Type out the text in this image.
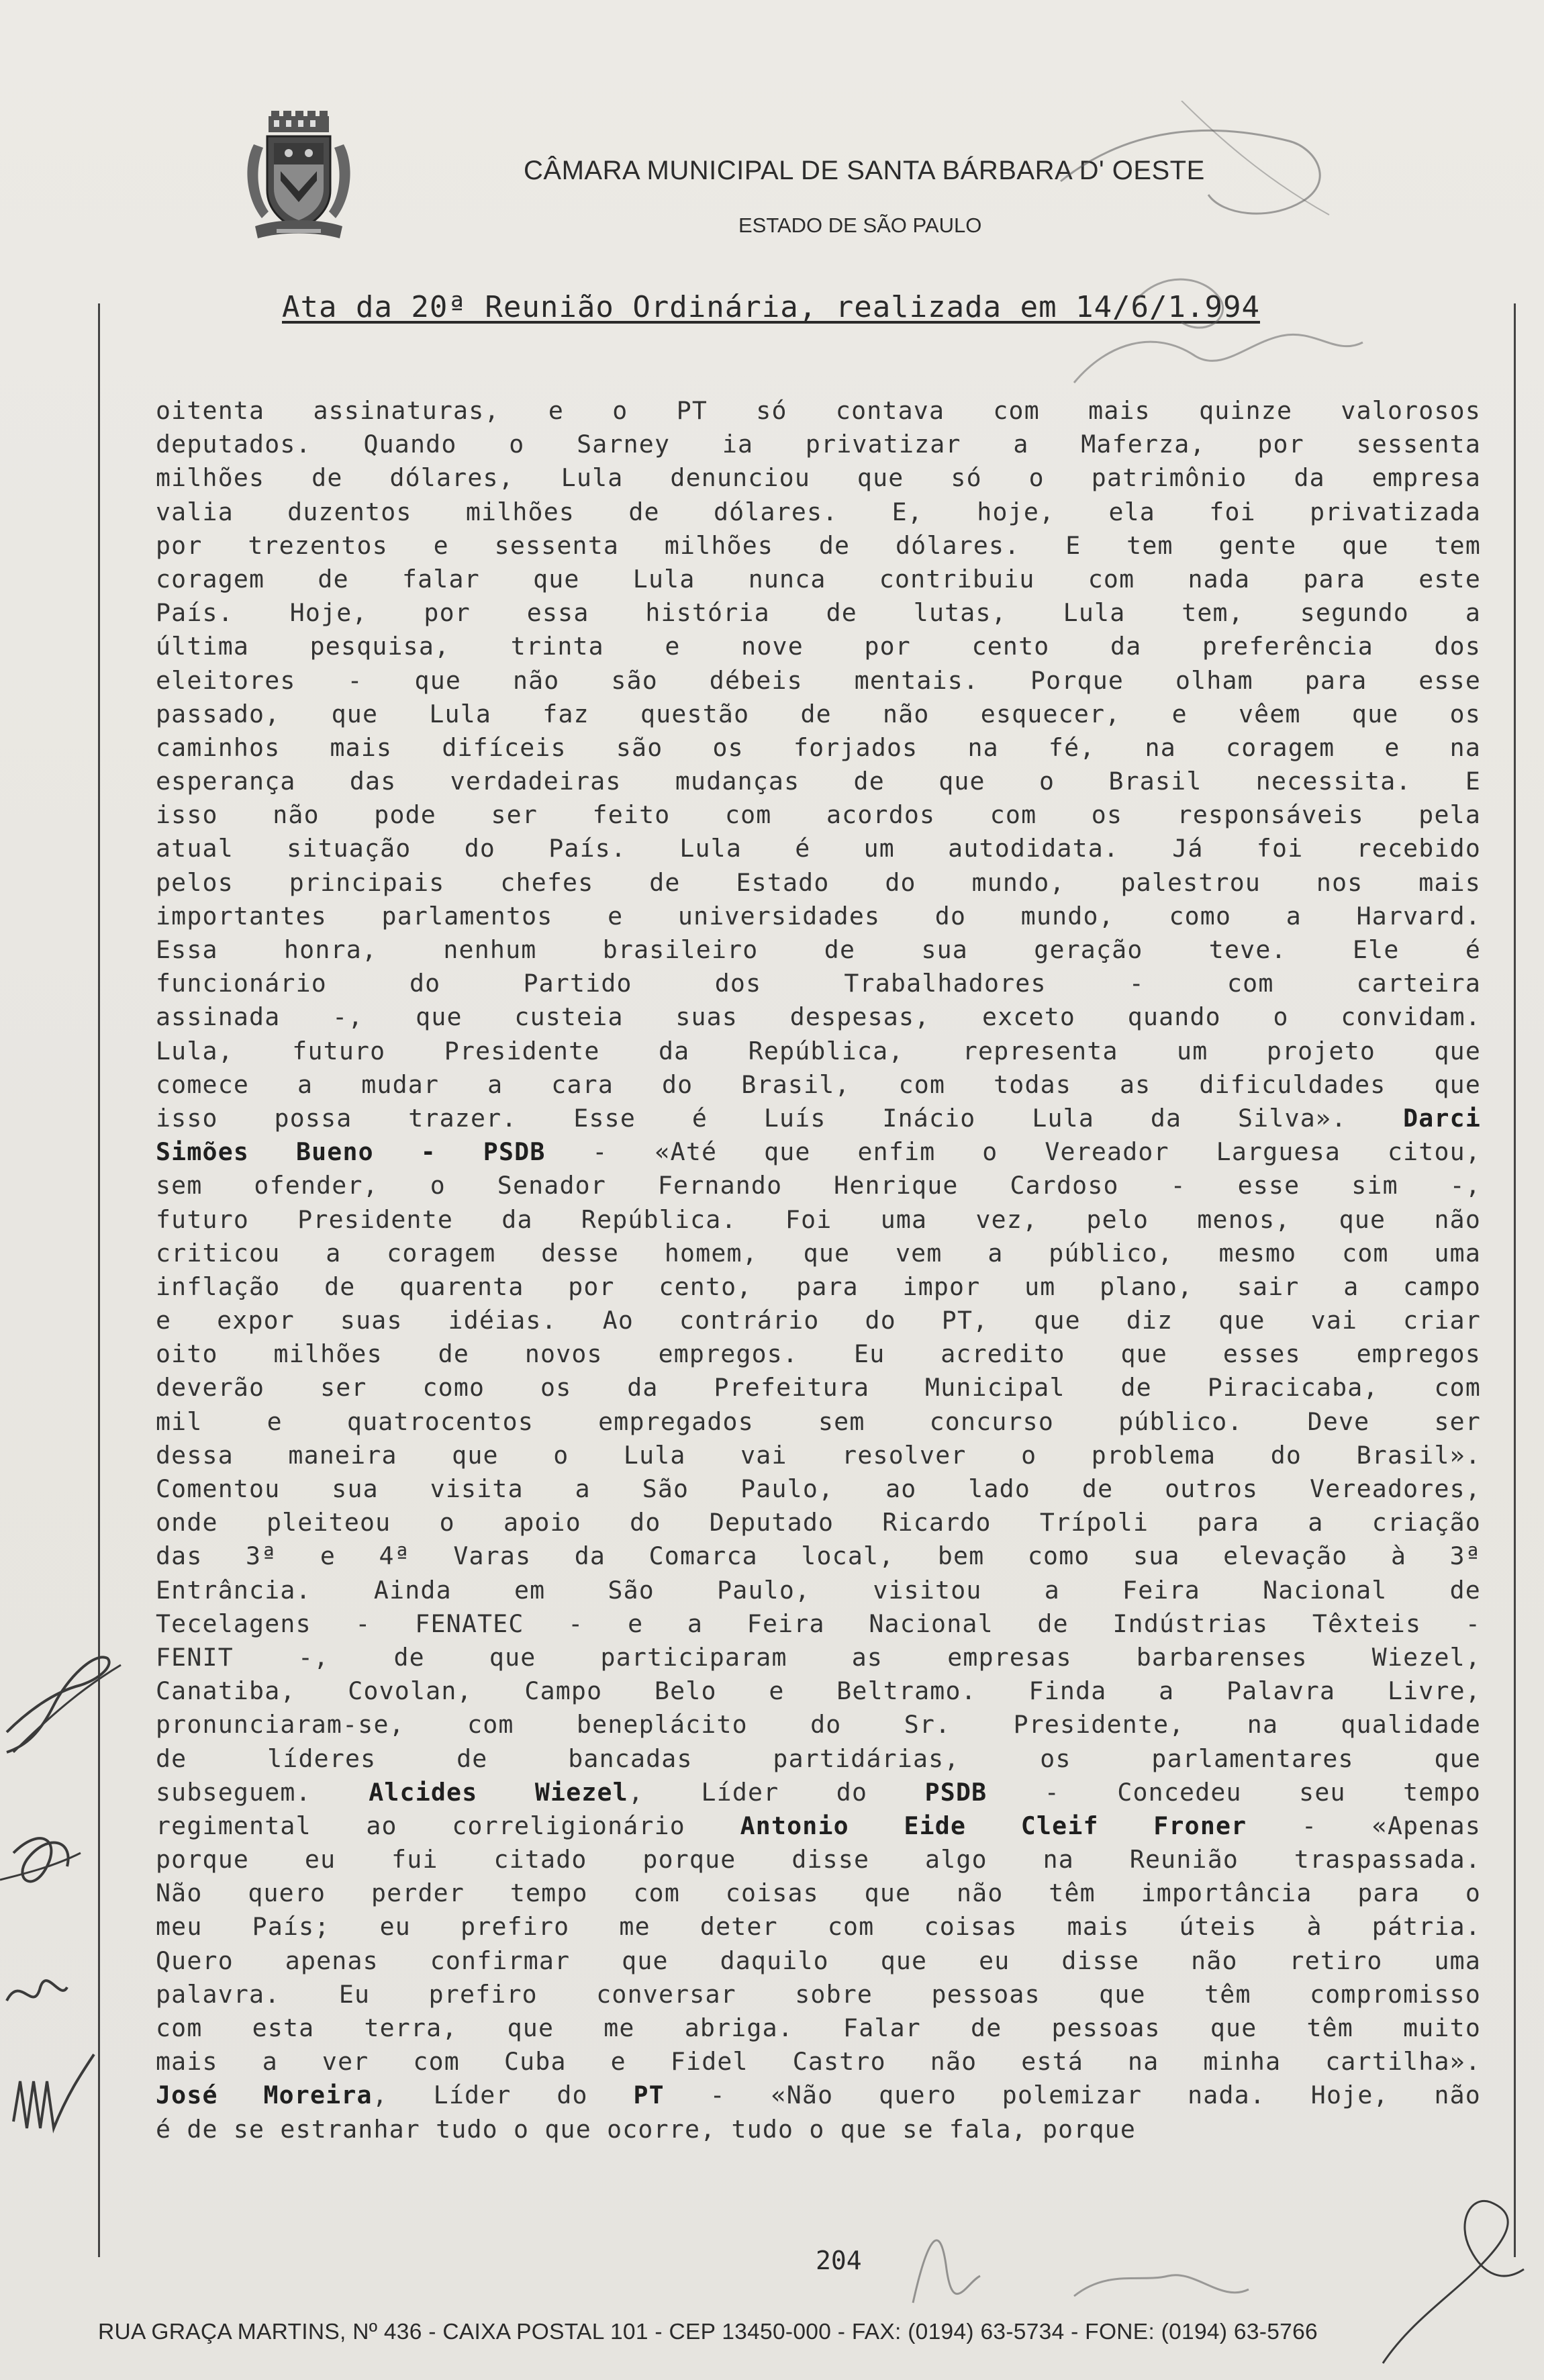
CÂMARA MUNICIPAL DE SANTA BÁRBARA D' OESTE
ESTADO DE SÃO PAULO
Ata da 20ª Reunião Ordinária, realizada em 14/6/1.994
oitenta assinaturas, e o PT só contava com mais quinze valorosos
deputados. Quando o Sarney ia privatizar a Maferza, por sessenta
milhões de dólares, Lula denunciou que só o patrimônio da empresa
valia duzentos milhões de dólares. E, hoje, ela foi privatizada
por trezentos e sessenta milhões de dólares. E tem gente que tem
coragem de falar que Lula nunca contribuiu com nada para este
País. Hoje, por essa história de lutas, Lula tem, segundo a
última pesquisa, trinta e nove por cento da preferência dos
eleitores - que não são débeis mentais. Porque olham para esse
passado, que Lula faz questão de não esquecer, e vêem que os
caminhos mais difíceis são os forjados na fé, na coragem e na
esperança das verdadeiras mudanças de que o Brasil necessita. E
isso não pode ser feito com acordos com os responsáveis pela
atual situação do País. Lula é um autodidata. Já foi recebido
pelos principais chefes de Estado do mundo, palestrou nos mais
importantes parlamentos e universidades do mundo, como a Harvard.
Essa honra, nenhum brasileiro de sua geração teve. Ele é
funcionário do Partido dos Trabalhadores - com carteira
assinada -, que custeia suas despesas, exceto quando o convidam.
Lula, futuro Presidente da República, representa um projeto que
comece a mudar a cara do Brasil, com todas as dificuldades que
isso possa trazer. Esse é Luís Inácio Lula da Silva». Darci
Simões Bueno - PSDB - «Até que enfim o Vereador Larguesa citou,
sem ofender, o Senador Fernando Henrique Cardoso - esse sim -,
futuro Presidente da República. Foi uma vez, pelo menos, que não
criticou a coragem desse homem, que vem a público, mesmo com uma
inflação de quarenta por cento, para impor um plano, sair a campo
e expor suas idéias. Ao contrário do PT, que diz que vai criar
oito milhões de novos empregos. Eu acredito que esses empregos
deverão ser como os da Prefeitura Municipal de Piracicaba, com
mil e quatrocentos empregados sem concurso público. Deve ser
dessa maneira que o Lula vai resolver o problema do Brasil».
Comentou sua visita a São Paulo, ao lado de outros Vereadores,
onde pleiteou o apoio do Deputado Ricardo Trípoli para a criação
das 3ª e 4ª Varas da Comarca local, bem como sua elevação à 3ª
Entrância. Ainda em São Paulo, visitou a Feira Nacional de
Tecelagens - FENATEC - e a Feira Nacional de Indústrias Têxteis -
FENIT -, de que participaram as empresas barbarenses Wiezel,
Canatiba, Covolan, Campo Belo e Beltramo. Finda a Palavra Livre,
pronunciaram-se, com beneplácito do Sr. Presidente, na qualidade
de líderes de bancadas partidárias, os parlamentares que
subseguem. Alcides Wiezel, Líder do PSDB - Concedeu seu tempo
regimental ao correligionário Antonio Eide Cleif Froner - «Apenas
porque eu fui citado porque disse algo na Reunião traspassada.
Não quero perder tempo com coisas que não têm importância para o
meu País; eu prefiro me deter com coisas mais úteis à pátria.
Quero apenas confirmar que daquilo que eu disse não retiro uma
palavra. Eu prefiro conversar sobre pessoas que têm compromisso
com esta terra, que me abriga. Falar de pessoas que têm muito
mais a ver com Cuba e Fidel Castro não está na minha cartilha».
José Moreira, Líder do PT - «Não quero polemizar nada. Hoje, não
é de se estranhar tudo o que ocorre, tudo o que se fala, porque
204
RUA GRAÇA MARTINS, Nº 436 - CAIXA POSTAL 101 - CEP 13450-000 - FAX: (0194) 63-5734 - FONE: (0194) 63-5766
